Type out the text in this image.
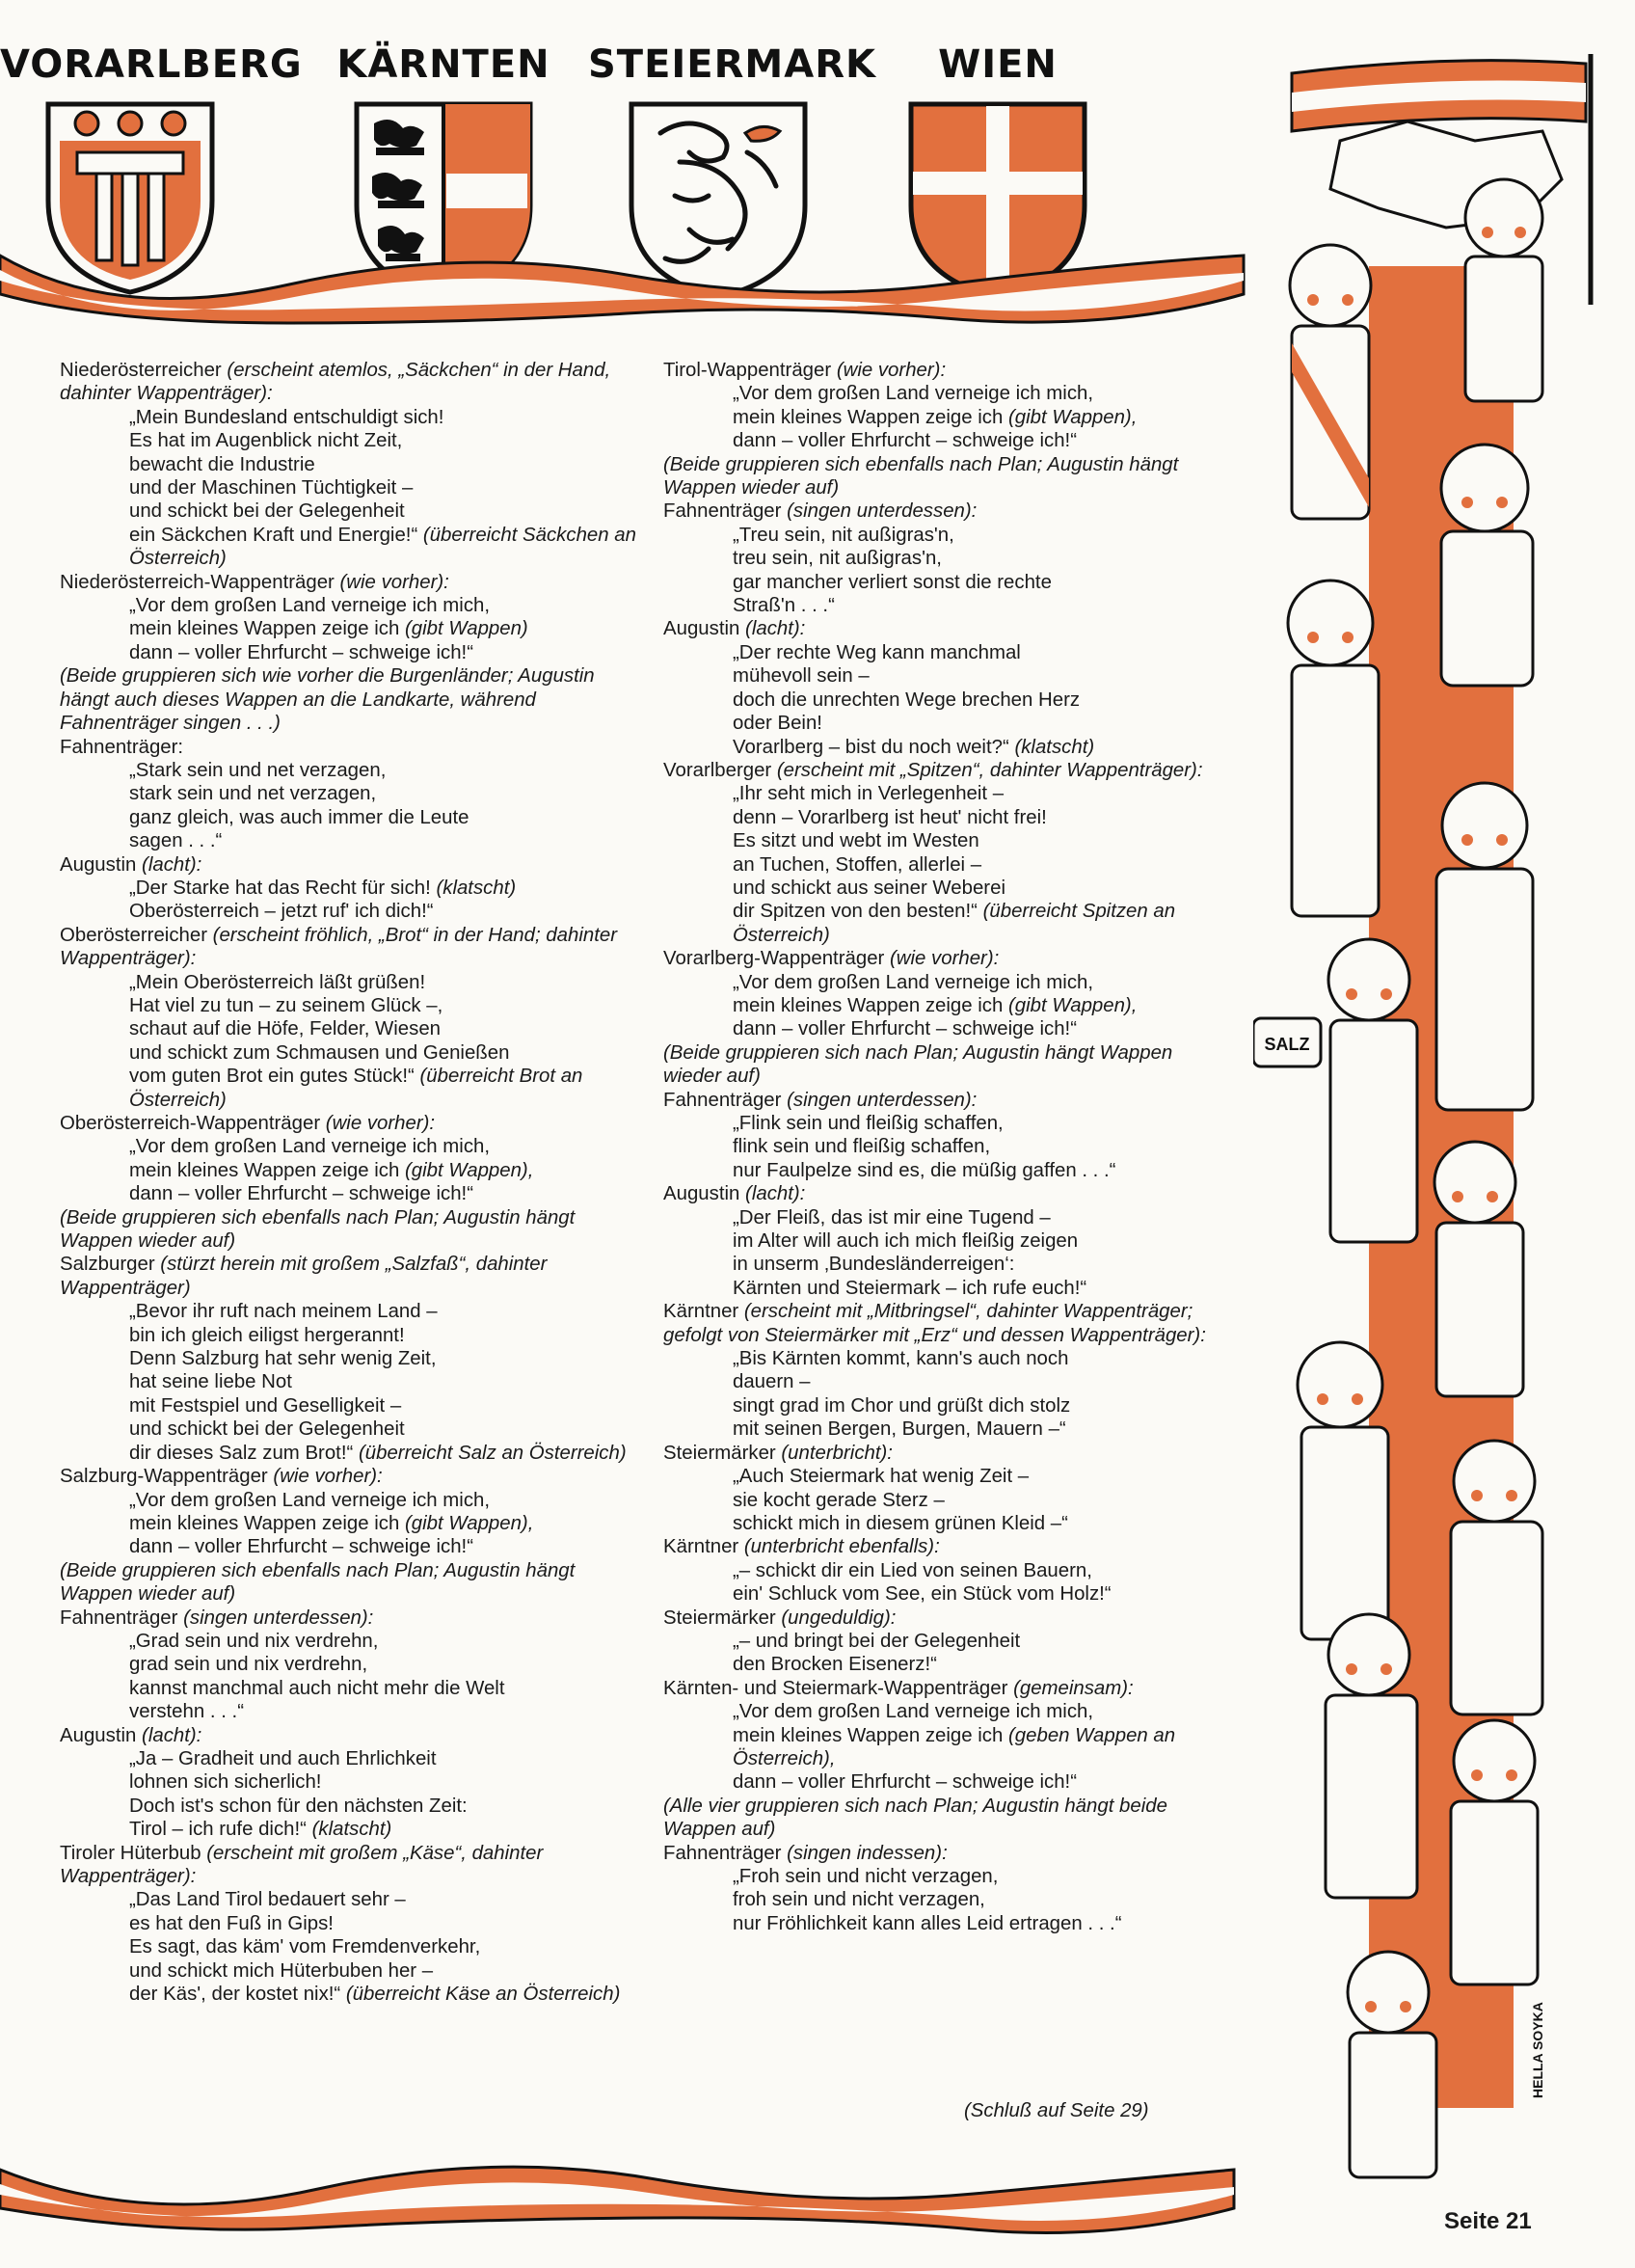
VORARLBERG KÄRNTEN STEIERMARK	WIEN
Niederösterreicher (erscheint atemlos, „Säckchen“ in der Hand, dahinter Wappenträger):
„Mein Bundesland entschuldigt sich!
Es hat im Augenblick nicht Zeit,
bewacht die Industrie
und der Maschinen Tüchtigkeit –
und schickt bei der Gelegenheit
ein Säckchen Kraft und Energie!“ (überreicht Säckchen an Österreich)
Niederösterreich-Wappenträger (wie vorher):
„Vor dem großen Land verneige ich mich,
mein kleines Wappen zeige ich (gibt Wappen)
dann – voller Ehrfurcht – schweige ich!“
(Beide gruppieren sich wie vorher die Burgenländer; Augustin hängt auch dieses Wappen an die Landkarte, während Fahnenträger singen . . .)
Fahnenträger:
„Stark sein und net verzagen,
stark sein und net verzagen,
ganz gleich, was auch immer die Leute
sagen . . .“
Augustin (lacht):
„Der Starke hat das Recht für sich! (klatscht)
Oberösterreich – jetzt ruf' ich dich!“
Oberösterreicher (erscheint fröhlich, „Brot“ in der Hand; dahinter Wappenträger):
„Mein Oberösterreich läßt grüßen!
Hat viel zu tun – zu seinem Glück –,
schaut auf die Höfe, Felder, Wiesen
und schickt zum Schmausen und Genießen
vom guten Brot ein gutes Stück!“ (überreicht Brot an Österreich)
Oberösterreich-Wappenträger (wie vorher):
„Vor dem großen Land verneige ich mich,
mein kleines Wappen zeige ich (gibt Wappen),
dann – voller Ehrfurcht – schweige ich!“
(Beide gruppieren sich ebenfalls nach Plan; Augustin hängt Wappen wieder auf)
Salzburger (stürzt herein mit großem „Salzfaß“, dahinter Wappenträger)
„Bevor ihr ruft nach meinem Land –
bin ich gleich eiligst hergerannt!
Denn Salzburg hat sehr wenig Zeit,
hat seine liebe Not
mit Festspiel und Geselligkeit –
und schickt bei der Gelegenheit
dir dieses Salz zum Brot!“ (überreicht Salz an Österreich)
Salzburg-Wappenträger (wie vorher):
„Vor dem großen Land verneige ich mich,
mein kleines Wappen zeige ich (gibt Wappen),
dann – voller Ehrfurcht – schweige ich!“
(Beide gruppieren sich ebenfalls nach Plan; Augustin hängt Wappen wieder auf)
Fahnenträger (singen unterdessen):
„Grad sein und nix verdrehn,
grad sein und nix verdrehn,
kannst manchmal auch nicht mehr die Welt
verstehn . . .“
Augustin (lacht):
„Ja – Gradheit und auch Ehrlichkeit
lohnen sich sicherlich!
Doch ist's schon für den nächsten Zeit:
Tirol – ich rufe dich!“ (klatscht)
Tiroler Hüterbub (erscheint mit großem „Käse“, dahinter Wappenträger):
„Das Land Tirol bedauert sehr –
es hat den Fuß in Gips!
Es sagt, das käm' vom Fremdenverkehr,
und schickt mich Hüterbuben her –
der Käs', der kostet nix!“ (überreicht Käse an Österreich)
Tirol-Wappenträger (wie vorher):
„Vor dem großen Land verneige ich mich,
mein kleines Wappen zeige ich (gibt Wappen),
dann – voller Ehrfurcht – schweige ich!“
(Beide gruppieren sich ebenfalls nach Plan; Augustin hängt Wappen wieder auf)
Fahnenträger (singen unterdessen):
„Treu sein, nit außigras'n,
treu sein, nit außigras'n,
gar mancher verliert sonst die rechte
Straß'n . . .“
Augustin (lacht):
„Der rechte Weg kann manchmal
mühevoll sein –
doch die unrechten Wege brechen Herz
oder Bein!
Vorarlberg – bist du noch weit?“ (klatscht)
Vorarlberger (erscheint mit „Spitzen“, dahinter Wappenträger):
„Ihr seht mich in Verlegenheit –
denn – Vorarlberg ist heut' nicht frei!
Es sitzt und webt im Westen
an Tuchen, Stoffen, allerlei –
und schickt aus seiner Weberei
dir Spitzen von den besten!“ (überreicht Spitzen an Österreich)
Vorarlberg-Wappenträger (wie vorher):
„Vor dem großen Land verneige ich mich,
mein kleines Wappen zeige ich (gibt Wappen),
dann – voller Ehrfurcht – schweige ich!“
(Beide gruppieren sich nach Plan; Augustin hängt Wappen wieder auf)
Fahnenträger (singen unterdessen):
„Flink sein und fleißig schaffen,
flink sein und fleißig schaffen,
nur Faulpelze sind es, die müßig gaffen . . .“
Augustin (lacht):
„Der Fleiß, das ist mir eine Tugend –
im Alter will auch ich mich fleißig zeigen
in unserm ‚Bundesländerreigen‘:
Kärnten und Steiermark – ich rufe euch!“
Kärntner (erscheint mit „Mitbringsel“, dahinter Wappenträger; gefolgt von Steiermärker mit „Erz“ und dessen Wappenträger):
„Bis Kärnten kommt, kann's auch noch
dauern –
singt grad im Chor und grüßt dich stolz
mit seinen Bergen, Burgen, Mauern –“
Steiermärker (unterbricht):
„Auch Steiermark hat wenig Zeit –
sie kocht gerade Sterz –
schickt mich in diesem grünen Kleid –“
Kärntner (unterbricht ebenfalls):
„– schickt dir ein Lied von seinen Bauern,
ein' Schluck vom See, ein Stück vom Holz!“
Steiermärker (ungeduldig):
„– und bringt bei der Gelegenheit
den Brocken Eisenerz!“
Kärnten- und Steiermark-Wappenträger (gemeinsam):
„Vor dem großen Land verneige ich mich,
mein kleines Wappen zeige ich (geben Wappen an Österreich),
dann – voller Ehrfurcht – schweige ich!“
(Alle vier gruppieren sich nach Plan; Augustin hängt beide Wappen auf)
Fahnenträger (singen indessen):
„Froh sein und nicht verzagen,
froh sein und nicht verzagen,
nur Fröhlichkeit kann alles Leid ertragen . . .“
(Schluß auf Seite 29)
SALZ
HELLA SOYKA
Seite 21
